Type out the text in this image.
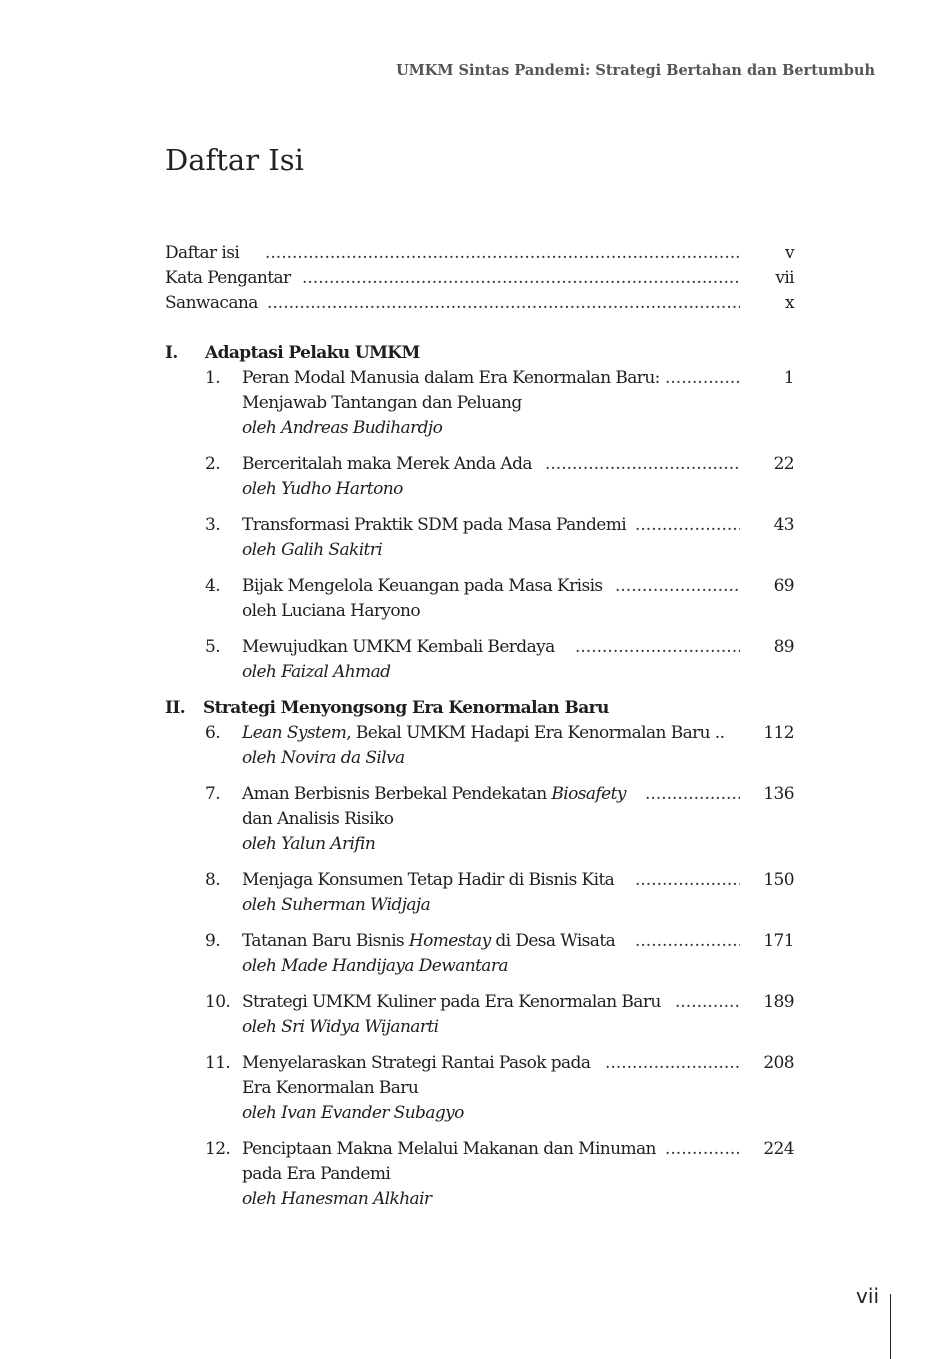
UMKM Sintas Pandemi: Strategi Bertahan dan Bertumbuh
Daftar Isi
.....
Daftar isi	v
.....
Kata Pengantar	vii
.....
Sanwacana	x
I. Adaptasi Pelaku UMKM
1. ..... Peran Modal Manusia dalam Era Kenormalan Baru:	1
Menjawab Tantangan dan Peluang
oleh Andreas Budihardjo
2. ..... Berceritalah maka Merek Anda Ada	22
oleh Yudho Hartono
3. ..... Transformasi Praktik SDM pada Masa Pandemi	43
oleh Galih Sakitri
4. ..... Bijak Mengelola Keuangan pada Masa Krisis	69
oleh Luciana Haryono
5. ..... Mewujudkan UMKM Kembali Berdaya	89
oleh Faizal Ahmad
II. Strategi Menyongsong Era Kenormalan Baru
6. Lean System, Bekal UMKM Hadapi Era Kenormalan Baru ..	112
oleh Novira da Silva
7. ..... Aman Berbisnis Berbekal Pendekatan Biosafety	136
dan Analisis Risiko
oleh Yalun Arifin
8. ..... Menjaga Konsumen Tetap Hadir di Bisnis Kita	150
oleh Suherman Widjaja
9. ..... Tatanan Baru Bisnis Homestay di Desa Wisata	171
oleh Made Handijaya Dewantara
10. ..... Strategi UMKM Kuliner pada Era Kenormalan Baru	189
oleh Sri Widya Wijanarti
11. ..... Menyelaraskan Strategi Rantai Pasok pada	208
Era Kenormalan Baru
oleh Ivan Evander Subagyo
12. ..... Penciptaan Makna Melalui Makanan dan Minuman	224
pada Era Pandemi
oleh Hanesman Alkhair
vii
